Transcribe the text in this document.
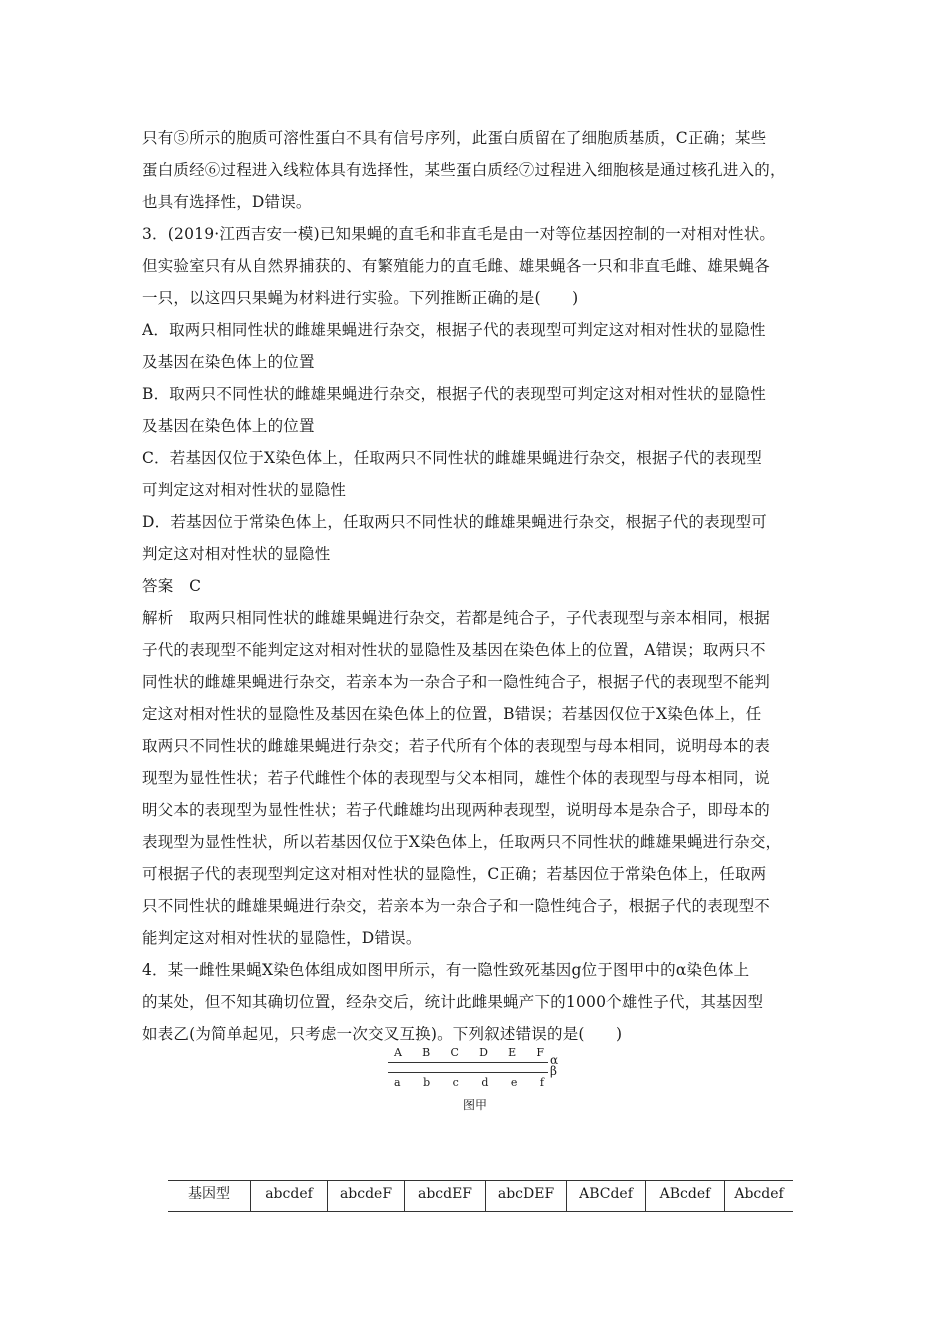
只有⑤所示的胞质可溶性蛋白不具有信号序列，此蛋白质留在了细胞质基质，C正确；某些
蛋白质经⑥过程进入线粒体具有选择性，某些蛋白质经⑦过程进入细胞核是通过核孔进入的，
也具有选择性，D错误。
3．(2019·江西吉安一模)已知果蝇的直毛和非直毛是由一对等位基因控制的一对相对性状。
但实验室只有从自然界捕获的、有繁殖能力的直毛雌、雄果蝇各一只和非直毛雌、雄果蝇各
一只，以这四只果蝇为材料进行实验。下列推断正确的是(　　)
A．取两只相同性状的雌雄果蝇进行杂交，根据子代的表现型可判定这对相对性状的显隐性
及基因在染色体上的位置
B．取两只不同性状的雌雄果蝇进行杂交，根据子代的表现型可判定这对相对性状的显隐性
及基因在染色体上的位置
C．若基因仅位于X染色体上，任取两只不同性状的雌雄果蝇进行杂交，根据子代的表现型
可判定这对相对性状的显隐性
D．若基因位于常染色体上，任取两只不同性状的雌雄果蝇进行杂交，根据子代的表现型可
判定这对相对性状的显隐性
答案　C
解析　取两只相同性状的雌雄果蝇进行杂交，若都是纯合子，子代表现型与亲本相同，根据
子代的表现型不能判定这对相对性状的显隐性及基因在染色体上的位置，A错误；取两只不
同性状的雌雄果蝇进行杂交，若亲本为一杂合子和一隐性纯合子，根据子代的表现型不能判
定这对相对性状的显隐性及基因在染色体上的位置，B错误；若基因仅位于X染色体上，任
取两只不同性状的雌雄果蝇进行杂交；若子代所有个体的表现型与母本相同，说明母本的表
现型为显性性状；若子代雌性个体的表现型与父本相同，雄性个体的表现型与母本相同，说
明父本的表现型为显性性状；若子代雌雄均出现两种表现型，说明母本是杂合子，即母本的
表现型为显性性状，所以若基因仅位于X染色体上，任取两只不同性状的雌雄果蝇进行杂交，
可根据子代的表现型判定这对相对性状的显隐性，C正确；若基因位于常染色体上，任取两
只不同性状的雌雄果蝇进行杂交，若亲本为一杂合子和一隐性纯合子，根据子代的表现型不
能判定这对相对性状的显隐性，D错误。
4．某一雌性果蝇X染色体组成如图甲所示，有一隐性致死基因g位于图甲中的α染色体上
的某处，但不知其确切位置，经杂交后，统计此雌果蝇产下的1000个雄性子代，其基因型
如表乙(为简单起见，只考虑一次交叉互换)。下列叙述错误的是(　　)
A B C D E F
α
β
a b c d e f
图甲
基因型	abcdef	abcdeF	abcdEF	abcDEF	ABCdef	ABcdef	Abcdef
